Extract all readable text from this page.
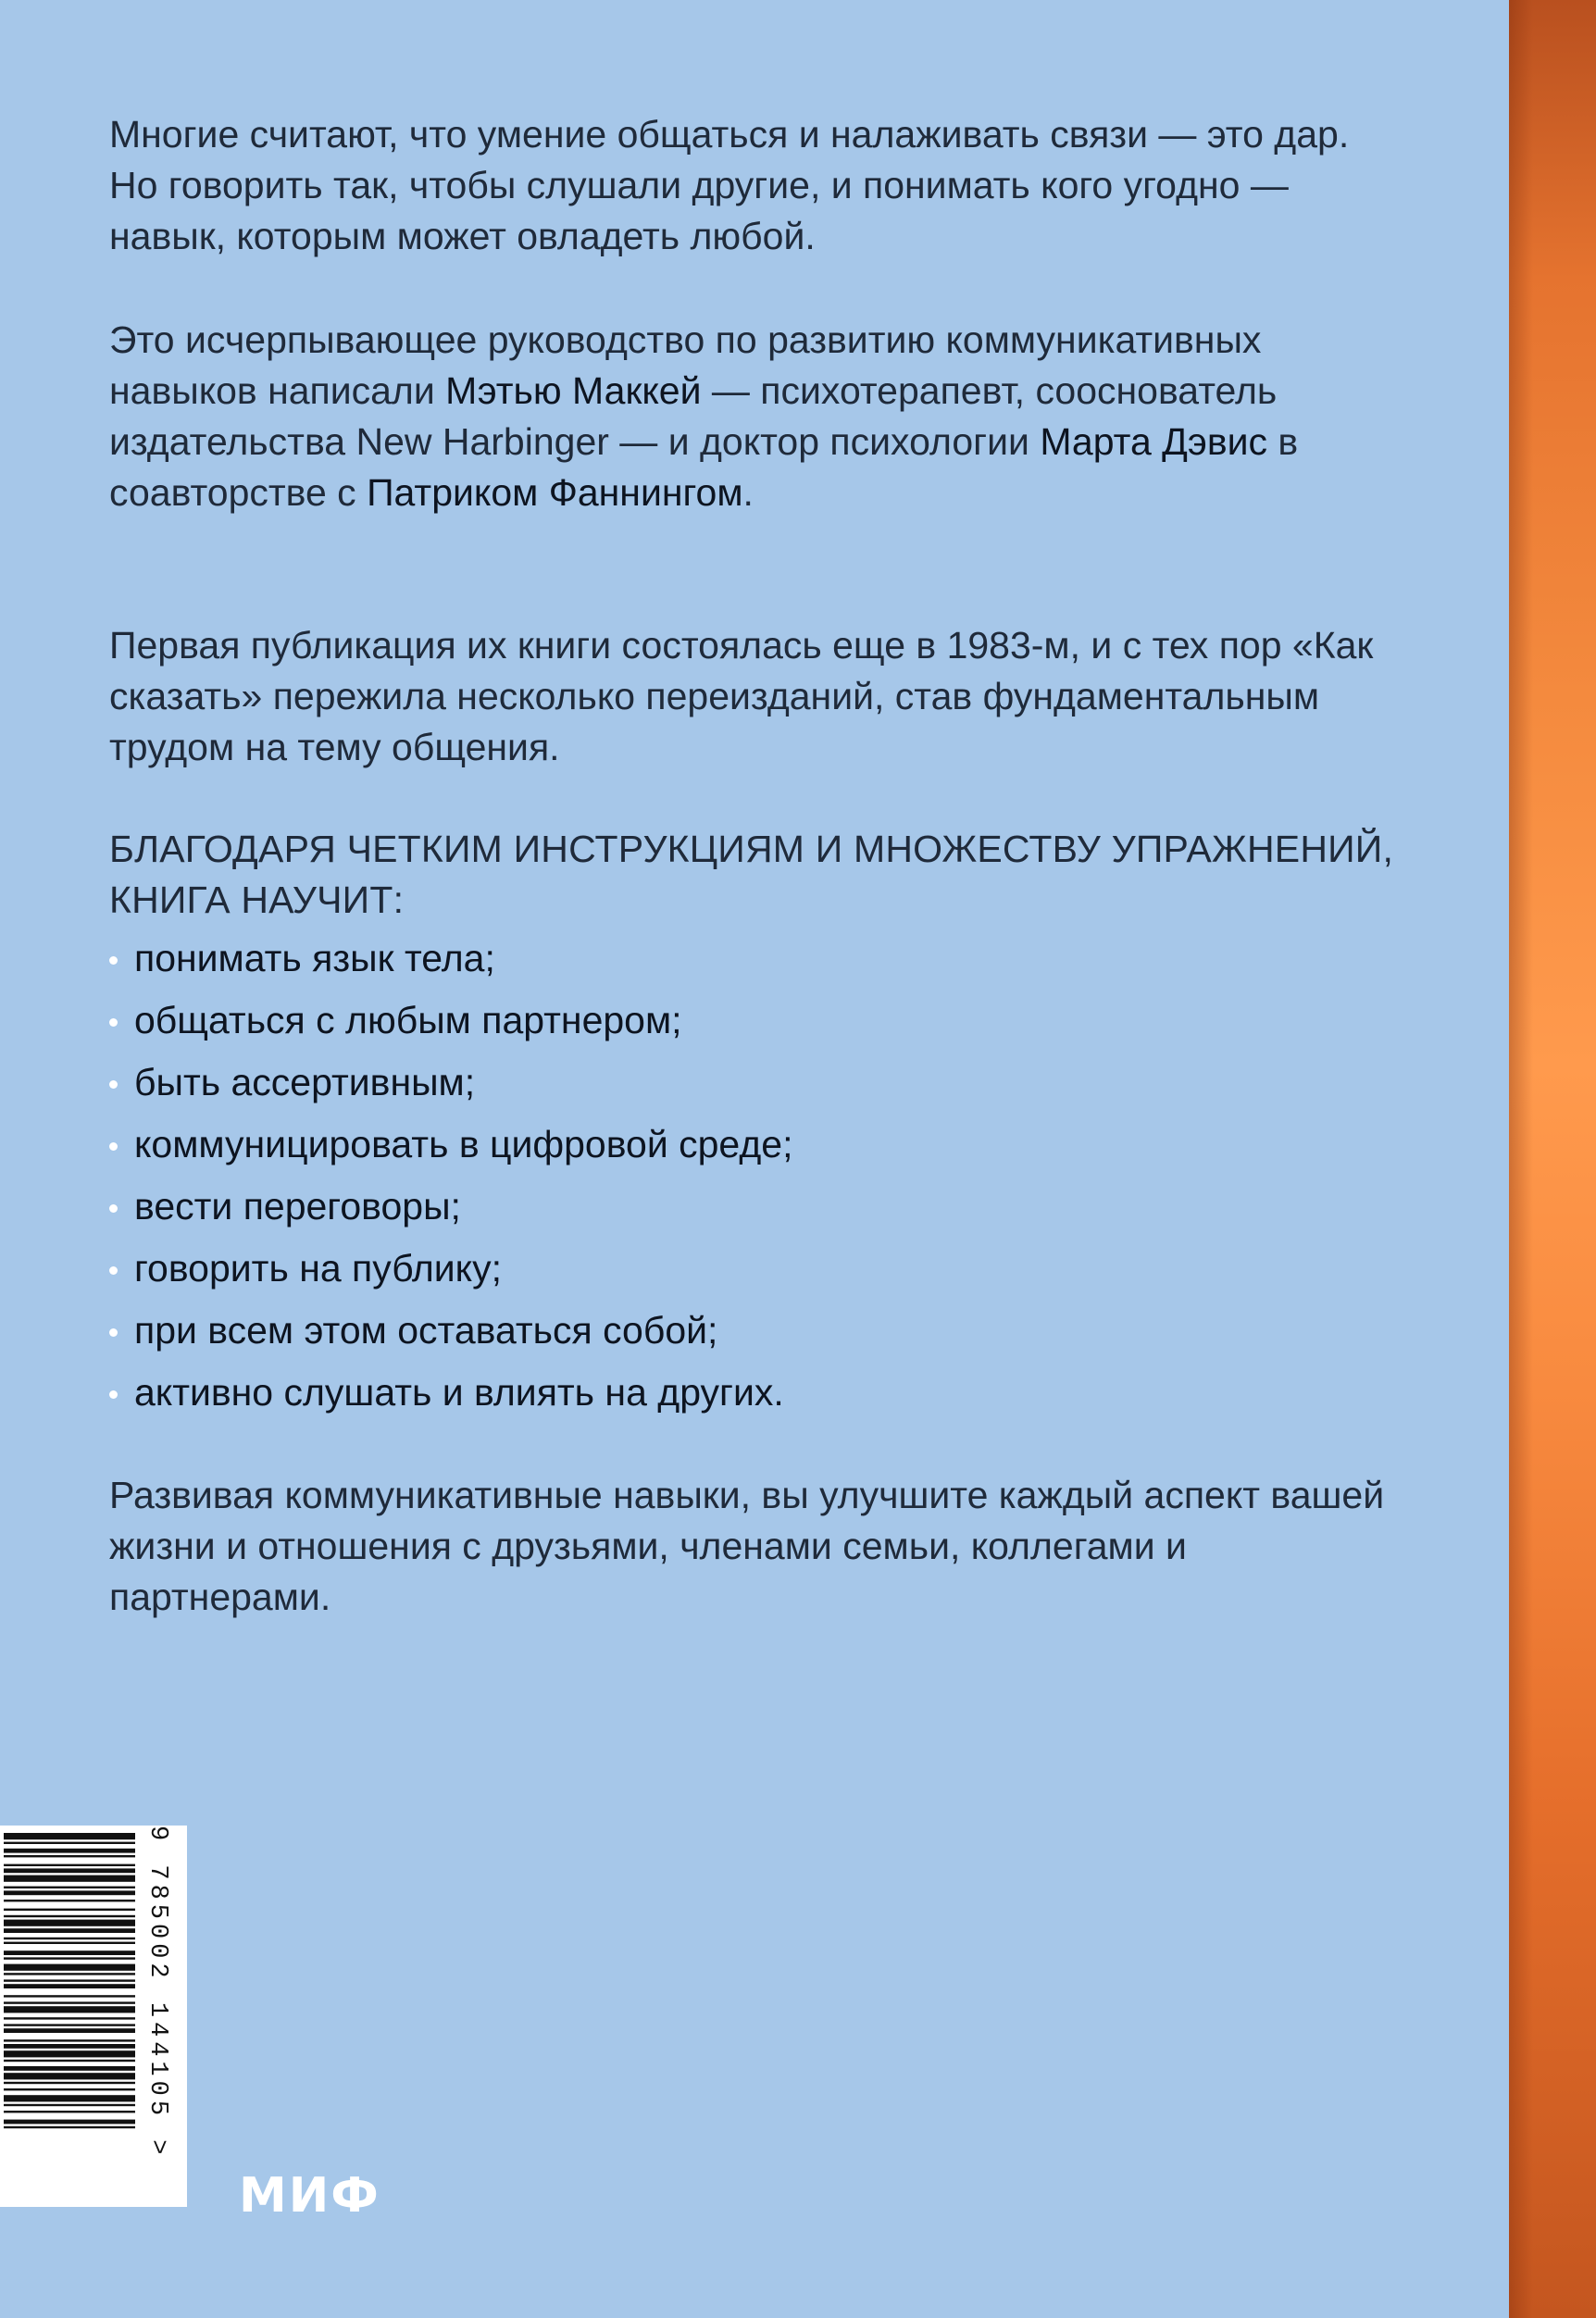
Многие считают, что умение общаться и налаживать связи — это дар. Но говорить так, чтобы слушали другие, и понимать кого угодно — навык, которым может овладеть любой.

Это исчерпывающее руководство по развитию коммуникативных навыков написали Мэтью Маккей — психотерапевт, сооснователь издательства New Harbinger — и доктор психологии Марта Дэвис в соавторстве с Патриком Фаннингом.

Первая публикация их книги состоялась еще в 1983-м, и с тех пор «Как сказать» пережила несколько переизданий, став фундаментальным трудом на тему общения.

БЛАГОДАРЯ ЧЕТКИМ ИНСТРУКЦИЯМ И МНОЖЕСТВУ УПРАЖНЕНИЙ, КНИГА НАУЧИТ:

понимать язык тела;
общаться с любым партнером;
быть ассертивным;
коммуницировать в цифровой среде;
вести переговоры;
говорить на публику;
при всем этом оставаться собой;
активно слушать и влиять на других.

Развивая коммуникативные навыки, вы улучшите каждый аспект вашей жизни и отношения с друзьями, членами семьи, коллегами и партнерами.

9 785002 144105 >
МИФ
